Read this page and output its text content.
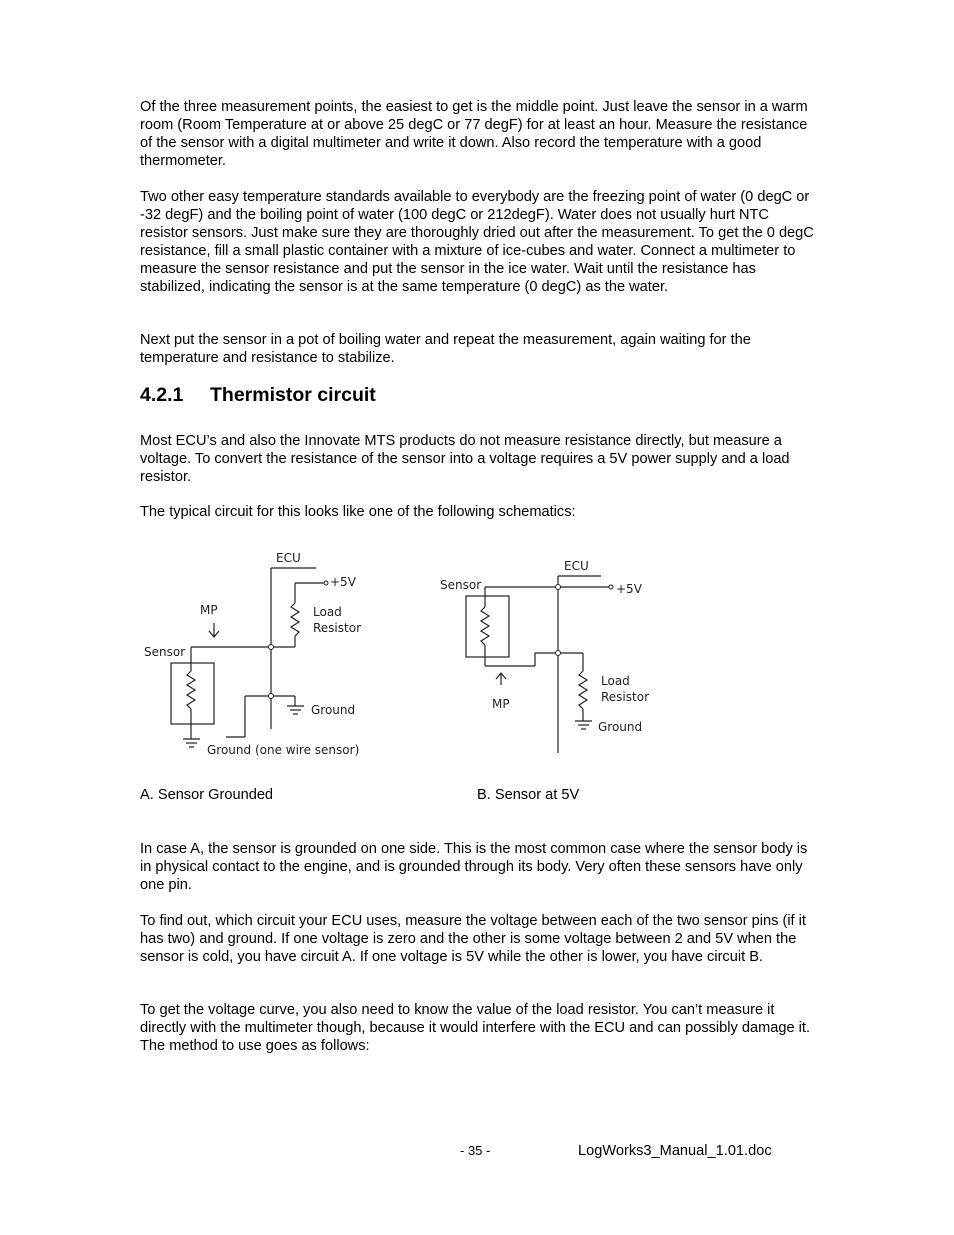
Of the three measurement points, the easiest to get is the middle point. Just leave the sensor in a warm room (Room Temperature at or above 25 degC or 77 degF) for at least an hour. Measure the resistance of the sensor with a digital multimeter and write it down. Also record the temperature with a good thermometer.

Two other easy temperature standards available to everybody are the freezing point of water (0 degC or -32 degF) and the boiling point of water (100 degC or 212degF). Water does not usually hurt NTC resistor sensors. Just make sure they are thoroughly dried out after the measurement. To get the 0 degC resistance, fill a small plastic container with a mixture of ice-cubes and water. Connect a multimeter to measure the sensor resistance and put the sensor in the ice water. Wait until the resistance has stabilized, indicating the sensor is at the same temperature (0 degC) as the water.

Next put the sensor in a pot of boiling water and repeat the measurement, again waiting for the temperature and resistance to stabilize.

4.2.1 Thermistor circuit

Most ECU’s and also the Innovate MTS products do not measure resistance directly, but measure a voltage. To convert the resistance of the sensor into a voltage requires a 5V power supply and a load resistor.

The typical circuit for this looks like one of the following schematics:

ECU
+5V
MP	Load
Resistor
Sensor
Ground
Ground (one wire sensor)
ECU
+5V
Sensor
MP
Load
Resistor
Ground

A. Sensor Grounded	B. Sensor at 5V

In case A, the sensor is grounded on one side. This is the most common case where the sensor body is in physical contact to the engine, and is grounded through its body. Very often these sensors have only one pin.

To find out, which circuit your ECU uses, measure the voltage between each of the two sensor pins (if it has two) and ground. If one voltage is zero and the other is some voltage between 2 and 5V when the sensor is cold, you have circuit A. If one voltage is 5V while the other is lower, you have circuit B.

To get the voltage curve, you also need to know the value of the load resistor. You can’t measure it directly with the multimeter though, because it would interfere with the ECU and can possibly damage it. The method to use goes as follows:

- 35 -	LogWorks3_Manual_1.01.doc
